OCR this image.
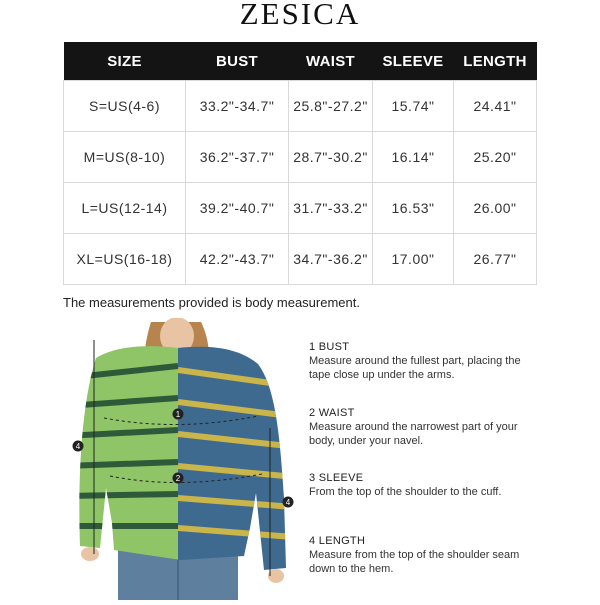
ZESICA
SIZE	BUST	WAIST	SLEEVE	LENGTH
S=US(4-6)	33.2"-34.7"	25.8"-27.2"	15.74"	24.41"
M=US(8-10)	36.2"-37.7"	28.7"-30.2"	16.14"	25.20"
L=US(12-14)	39.2"-40.7"	31.7"-33.2"	16.53"	26.00"
XL=US(16-18)	42.2"-43.7"	34.7"-36.2"	17.00"	26.77"
The measurements provided is body measurement.
1
2
4
4
1 BUST
Measure around the fullest part, placing the tape close up under the arms.
2 WAIST
Measure around the narrowest part of your body, under your navel.
3 SLEEVE
From the top of the shoulder to the cuff.
4 LENGTH
Measure from the top of the shoulder seam down to the hem.
